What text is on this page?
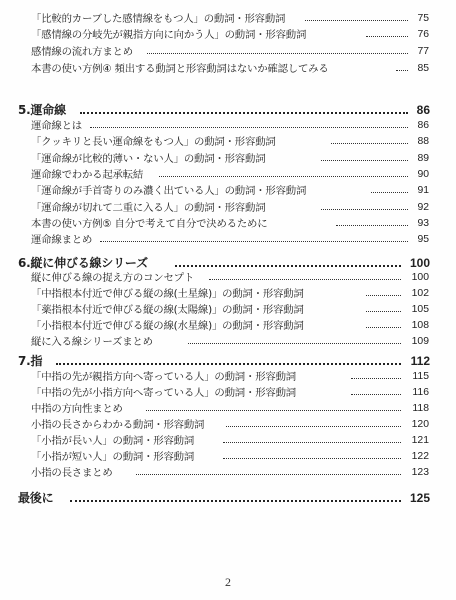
「比較的カーブした感情線をもつ人」の動詞・形容動詞	75
「感情線の分岐先が親指方向に向かう人」の動詞・形容動詞	76
感情線の流れ方まとめ	77
本書の使い方例④ 頻出する動詞と形容動詞はないか確認してみる	85
5.運命線	86
運命線とは	86
「クッキリと長い運命線をもつ人」の動詞・形容動詞	88
「運命線が比較的薄い・ない人」の動詞・形容動詞	89
運命線でわかる起承転結	90
「運命線が手首寄りのみ濃く出ている人」の動詞・形容動詞	91
「運命線が切れて二重に入る人」の動詞・形容動詞	92
本書の使い方例⑤ 自分で考えて自分で決めるために	93
運命線まとめ	95
6.縦に伸びる線シリーズ	100
縦に伸びる線の捉え方のコンセプト	100
「中指根本付近で伸びる縦の線(土星線)」の動詞・形容動詞	102
「薬指根本付近で伸びる縦の線(太陽線)」の動詞・形容動詞	105
「小指根本付近で伸びる縦の線(水星線)」の動詞・形容動詞	108
縦に入る線シリーズまとめ	109
7.指	112
「中指の先が親指方向へ寄っている人」の動詞・形容動詞	115
「中指の先が小指方向へ寄っている人」の動詞・形容動詞	116
中指の方向性まとめ	118
小指の長さからわかる動詞・形容動詞	120
「小指が長い人」の動詞・形容動詞	121
「小指が短い人」の動詞・形容動詞	122
小指の長さまとめ	123
最後に	125
2
